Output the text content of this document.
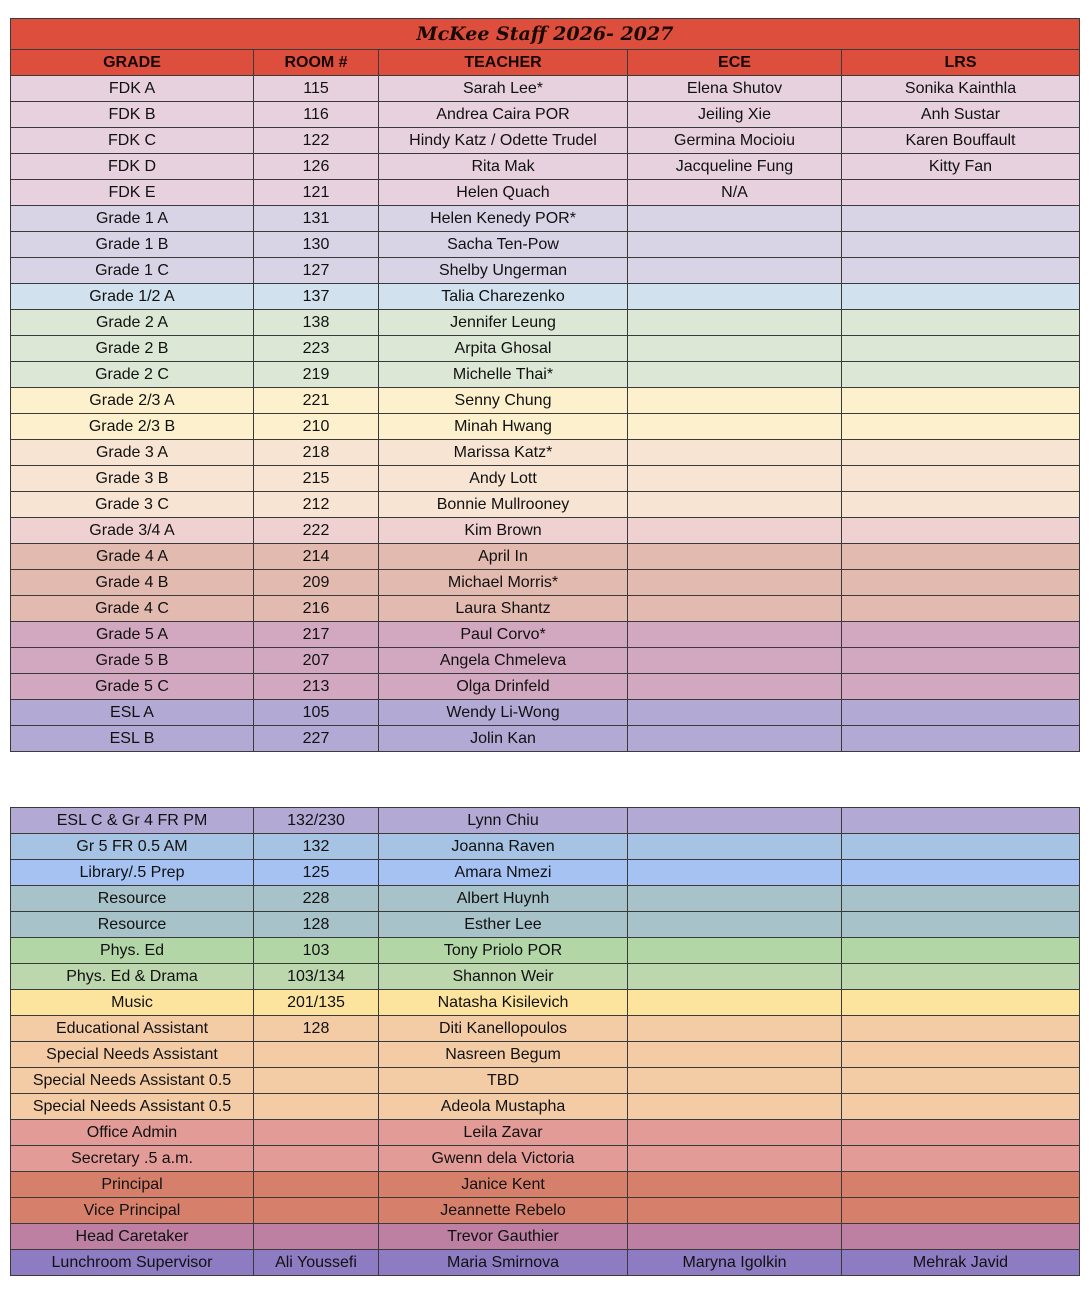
McKee Staff 2026- 2027				
GRADE	ROOM #	TEACHER	ECE	LRS
FDK A	115	Sarah Lee*	Elena Shutov	Sonika Kainthla
FDK B	116	Andrea Caira POR	Jeiling Xie	Anh Sustar
FDK C	122	Hindy Katz / Odette Trudel	Germina Mocioiu	Karen Bouffault
FDK D	126	Rita Mak	Jacqueline Fung	Kitty Fan
FDK E	121	Helen Quach	N/A	
Grade 1 A	131	Helen Kenedy POR*		
Grade 1 B	130	Sacha Ten-Pow		
Grade 1 C	127	Shelby Ungerman		
Grade 1/2 A	137	Talia Charezenko		
Grade 2 A	138	Jennifer Leung		
Grade 2 B	223	Arpita Ghosal		
Grade 2 C	219	Michelle Thai*		
Grade 2/3 A	221	Senny Chung		
Grade 2/3 B	210	Minah Hwang		
Grade 3 A	218	Marissa Katz*		
Grade 3 B	215	Andy Lott		
Grade 3 C	212	Bonnie Mullrooney		
Grade 3/4 A	222	Kim Brown		
Grade 4 A	214	April In		
Grade 4 B	209	Michael Morris*		
Grade 4 C	216	Laura Shantz		
Grade 5 A	217	Paul Corvo*		
Grade 5 B	207	Angela Chmeleva		
Grade 5 C	213	Olga Drinfeld		
ESL A	105	Wendy Li-Wong		
ESL B	227	Jolin Kan		
ESL C & Gr 4 FR PM	132/230	Lynn Chiu		
Gr 5 FR 0.5 AM	132	Joanna Raven		
Library/.5 Prep	125	Amara Nmezi		
Resource	228	Albert Huynh		
Resource	128	Esther Lee		
Phys. Ed	103	Tony Priolo POR		
Phys. Ed & Drama	103/134	Shannon Weir		
Music	201/135	Natasha Kisilevich		
Educational Assistant	128	Diti Kanellopoulos		
Special Needs Assistant		Nasreen Begum		
Special Needs Assistant 0.5		TBD		
Special Needs Assistant 0.5		Adeola Mustapha		
Office Admin		Leila Zavar		
Secretary .5 a.m.		Gwenn dela Victoria		
Principal		Janice Kent		
Vice Principal		Jeannette Rebelo		
Head Caretaker		Trevor Gauthier		
Lunchroom Supervisor	Ali Youssefi	Maria Smirnova	Maryna Igolkin	Mehrak Javid
